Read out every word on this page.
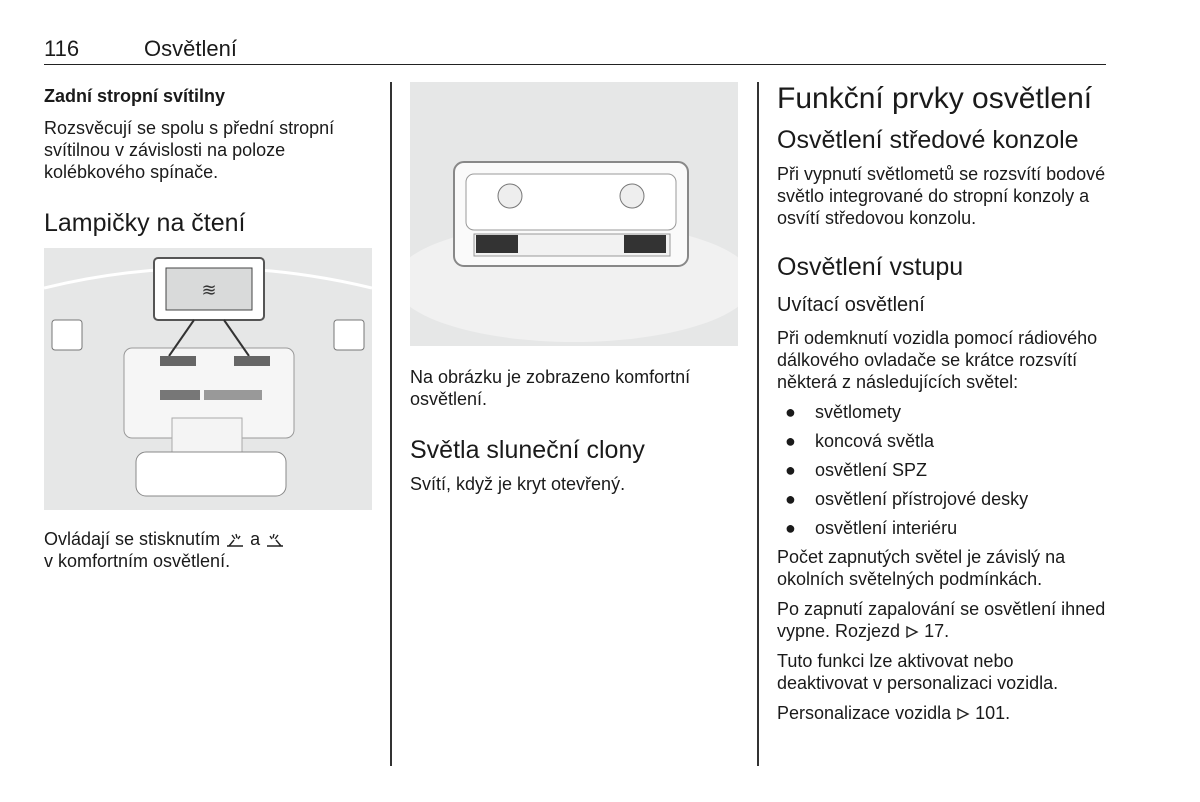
116	Osvětlení
Zadní stropní svítilny

Rozsvěcují se spolu s přední stropní svítilnou v závislosti na poloze kolébkového spínače.

Lampičky na čtení
≋

Ovládají se stisknutím a
v komfortním osvětlení.

Na obrázku je zobrazeno komfortní osvětlení.

Světla sluneční clony

Svítí, když je kryt otevřený.

Funkční prvky osvětlení
Osvětlení středové konzole

Při vypnutí světlometů se rozsvítí bodové světlo integrované do stropní konzoly a osvítí středovou konzolu.

Osvětlení vstupu
Uvítací osvětlení

Při odemknutí vozidla pomocí rádiového dálkového ovladače se krátce rozsvítí některá z následujících světel:

● světlomety
● koncová světla
● osvětlení SPZ
● osvětlení přístrojové desky
● osvětlení interiéru

Počet zapnutých světel je závislý na okolních světelných podmínkách.

Po zapnutí zapalování se osvětlení ihned vypne. Rozjezd 17.

Tuto funkci lze aktivovat nebo deaktivovat v personalizaci vozidla.

Personalizace vozidla 101.
